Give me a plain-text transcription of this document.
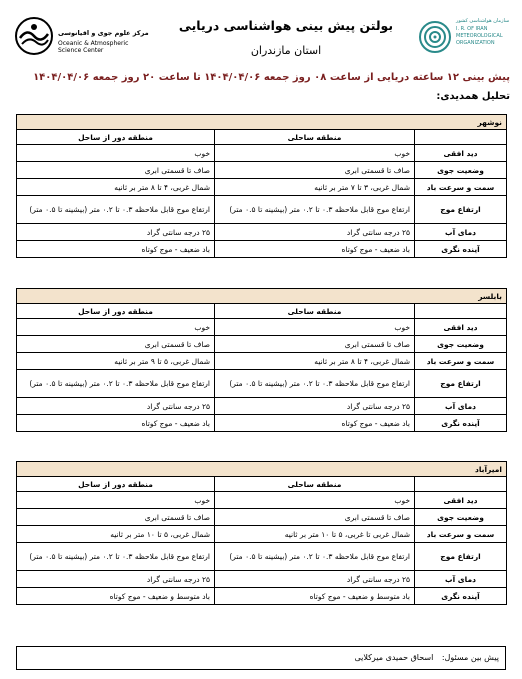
مرکز علوم جوی و اقیانوسی
Oceanic & Atmospheric
Science Center
بولتن پیش بینی هواشناسی دریایی
استان مازندران
سازمان هواشناسی کشور
I. R. OF IRAN
METEOROLOGICAL
ORGANIZATION
پیش بینی ۱۲ ساعته دریایی از ساعت ۰۸ روز جمعه ۱۴۰۴/۰۴/۰۶ تا ساعت ۲۰ روز جمعه ۱۴۰۴/۰۴/۰۶
تحلیل همدیدی:
نوشهر		
	منطقه ساحلی	منطقه دور از ساحل
دید افقی	خوب	خوب
وضعیت جوی	صاف تا قسمتی ابری	صاف تا قسمتی ابری
سمت و سرعت باد	شمال غربی، ۳ تا ۷ متر بر ثانیه	شمال غربی، ۴ تا ۸ متر بر ثانیه
ارتفاع موج	ارتفاع موج قابل ملاحظه ۰.۳ تا ۰.۲ متر (بیشینه تا ۰.۵ متر)	ارتفاع موج قابل ملاحظه ۰.۳ تا ۰.۲ متر (بیشینه تا ۰.۵ متر)
دمای آب	۲۵ درجه سانتی گراد	۲۵ درجه سانتی گراد
آینده نگری	باد ضعیف - موج کوتاه	باد ضعیف - موج کوتاه
بابلسر		
	منطقه ساحلی	منطقه دور از ساحل
دید افقی	خوب	خوب
وضعیت جوی	صاف تا قسمتی ابری	صاف تا قسمتی ابری
سمت و سرعت باد	شمال غربی، ۴ تا ۸ متر بر ثانیه	شمال غربی، ۵ تا ۹ متر بر ثانیه
ارتفاع موج	ارتفاع موج قابل ملاحظه ۰.۳ تا ۰.۲ متر (بیشینه تا ۰.۵ متر)	ارتفاع موج قابل ملاحظه ۰.۳ تا ۰.۲ متر (بیشینه تا ۰.۵ متر)
دمای آب	۲۵ درجه سانتی گراد	۲۵ درجه سانتی گراد
آینده نگری	باد ضعیف - موج کوتاه	باد ضعیف - موج کوتاه
امیرآباد		
	منطقه ساحلی	منطقه دور از ساحل
دید افقی	خوب	خوب
وضعیت جوی	صاف تا قسمتی ابری	صاف تا قسمتی ابری
سمت و سرعت باد	شمال غربی تا غربی، ۵ تا ۱۰ متر بر ثانیه	شمال غربی، ۵ تا ۱۰ متر بر ثانیه
ارتفاع موج	ارتفاع موج قابل ملاحظه ۰.۳ تا ۰.۲ متر (بیشینه تا ۰.۵ متر)	ارتفاع موج قابل ملاحظه ۰.۳ تا ۰.۲ متر (بیشینه تا ۰.۵ متر)
دمای آب	۲۵ درجه سانتی گراد	۲۵ درجه سانتی گراد
آینده نگری	باد متوسط و ضعیف - موج کوتاه	باد متوسط و ضعیف - موج کوتاه
پیش بین مسئول: اسحاق حمیدی میرکلایی
